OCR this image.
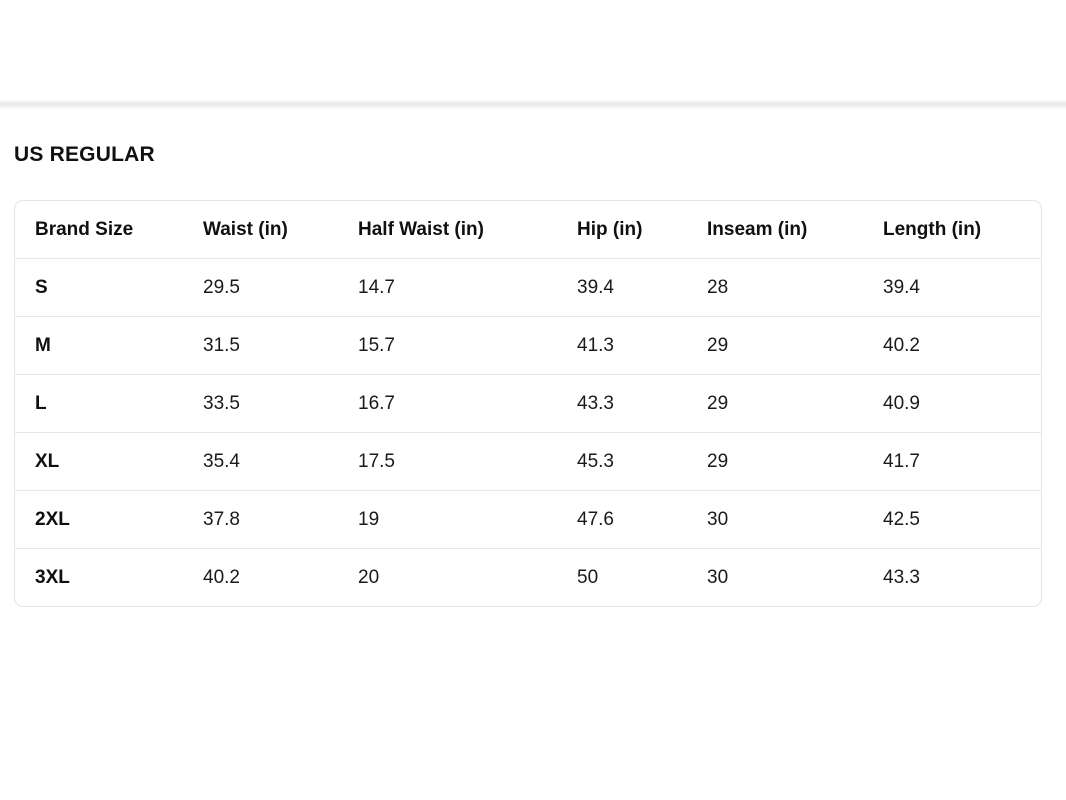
US REGULAR
Brand Size	Waist (in)	Half Waist (in)	Hip (in)	Inseam (in)	Length (in)
S	29.5	14.7	39.4	28	39.4
M	31.5	15.7	41.3	29	40.2
L	33.5	16.7	43.3	29	40.9
XL	35.4	17.5	45.3	29	41.7
2XL	37.8	19	47.6	30	42.5
3XL	40.2	20	50	30	43.3
